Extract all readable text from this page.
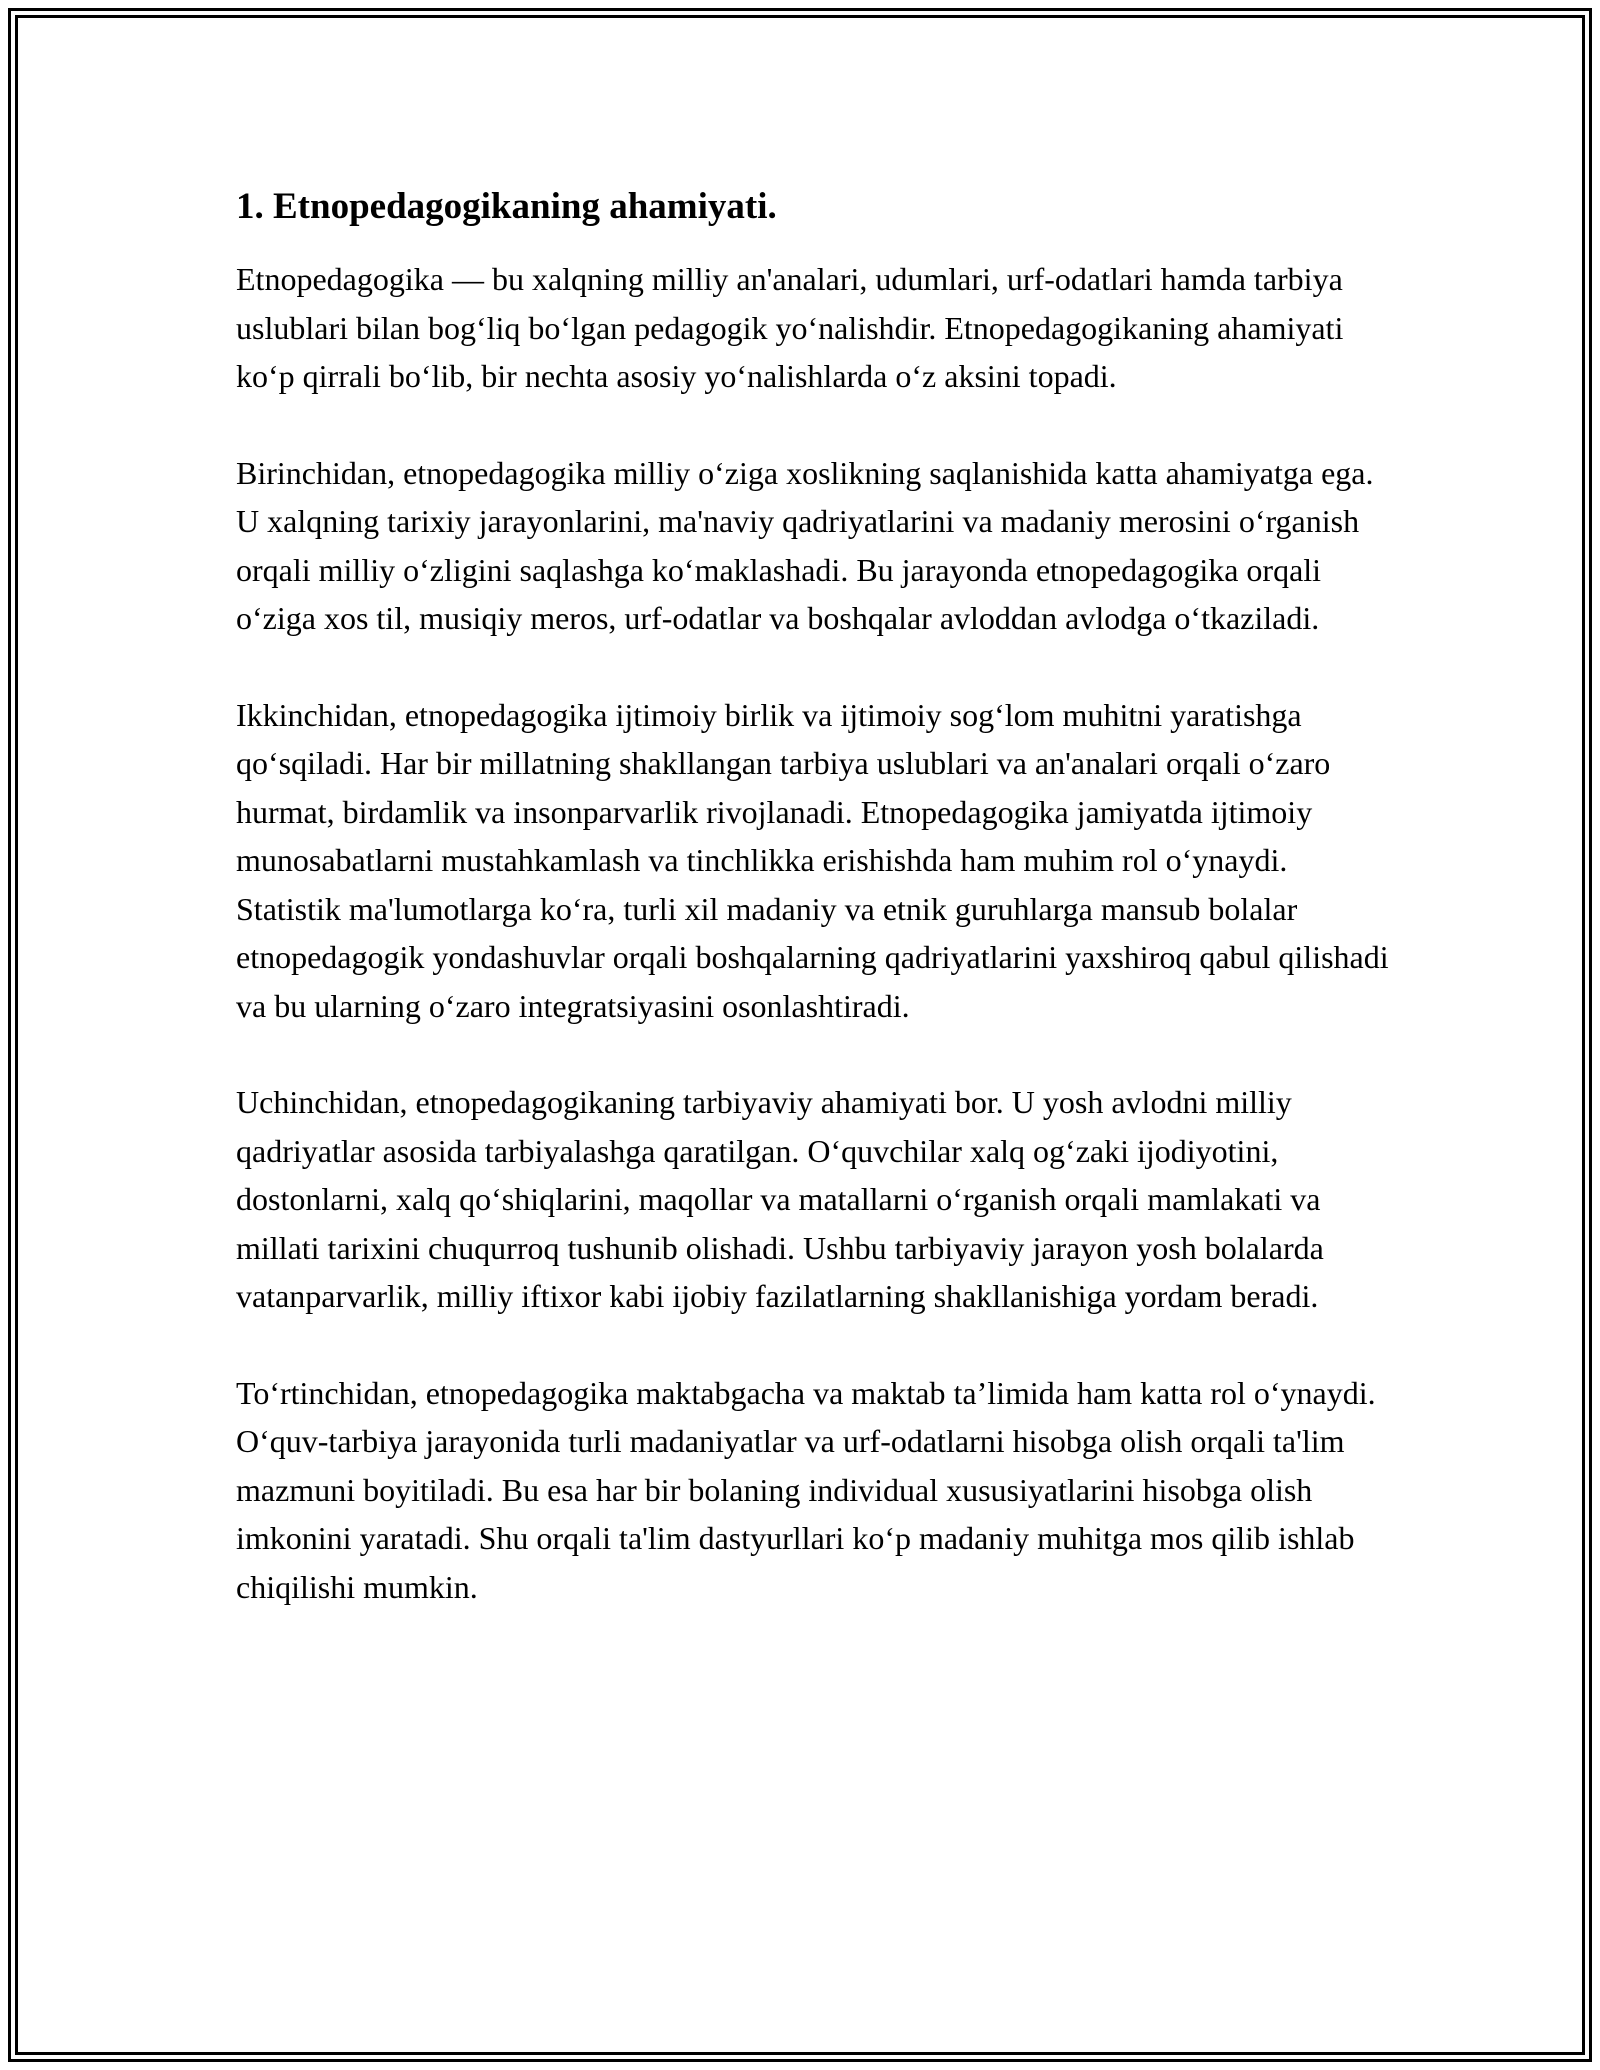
1. Etnopedagogikaning ahamiyati.

Etnopedagogika — bu xalqning milliy an'analari, udumlari, urf-odatlari hamda tarbiya uslublari bilan bog‘liq bo‘lgan pedagogik yo‘nalishdir. Etnopedagogikaning ahamiyati ko‘p qirrali bo‘lib, bir nechta asosiy yo‘nalishlarda o‘z aksini topadi.

Birinchidan, etnopedagogika milliy o‘ziga xoslikning saqlanishida katta ahamiyatga ega. U xalqning tarixiy jarayonlarini, ma'naviy qadriyatlarini va madaniy merosini o‘rganish orqali milliy o‘zligini saqlashga ko‘maklashadi. Bu jarayonda etnopedagogika orqali o‘ziga xos til, musiqiy meros, urf-odatlar va boshqalar avloddan avlodga o‘tkaziladi.

Ikkinchidan, etnopedagogika ijtimoiy birlik va ijtimoiy sog‘lom muhitni yaratishga qo‘sqiladi. Har bir millatning shakllangan tarbiya uslublari va an'analari orqali o‘zaro hurmat, birdamlik va insonparvarlik rivojlanadi. Etnopedagogika jamiyatda ijtimoiy munosabatlarni mustahkamlash va tinchlikka erishishda ham muhim rol o‘ynaydi. Statistik ma'lumotlarga ko‘ra, turli xil madaniy va etnik guruhlarga mansub bolalar etnopedagogik yondashuvlar orqali boshqalarning qadriyatlarini yaxshiroq qabul qilishadi va bu ularning o‘zaro integratsiyasini osonlashtiradi.

Uchinchidan, etnopedagogikaning tarbiyaviy ahamiyati bor. U yosh avlodni milliy qadriyatlar asosida tarbiyalashga qaratilgan. O‘quvchilar xalq og‘zaki ijodiyotini, dostonlarni, xalq qo‘shiqlarini, maqollar va matallarni o‘rganish orqali mamlakati va millati tarixini chuqurroq tushunib olishadi. Ushbu tarbiyaviy jarayon yosh bolalarda vatanparvarlik, milliy iftixor kabi ijobiy fazilatlarning shakllanishiga yordam beradi.

To‘rtinchidan, etnopedagogika maktabgacha va maktab ta’limida ham katta rol o‘ynaydi. O‘quv-tarbiya jarayonida turli madaniyatlar va urf-odatlarni hisobga olish orqali ta'lim mazmuni boyitiladi. Bu esa har bir bolaning individual xususiyatlarini hisobga olish imkonini yaratadi. Shu orqali ta'lim dastyurllari ko‘p madaniy muhitga mos qilib ishlab chiqilishi mumkin.
